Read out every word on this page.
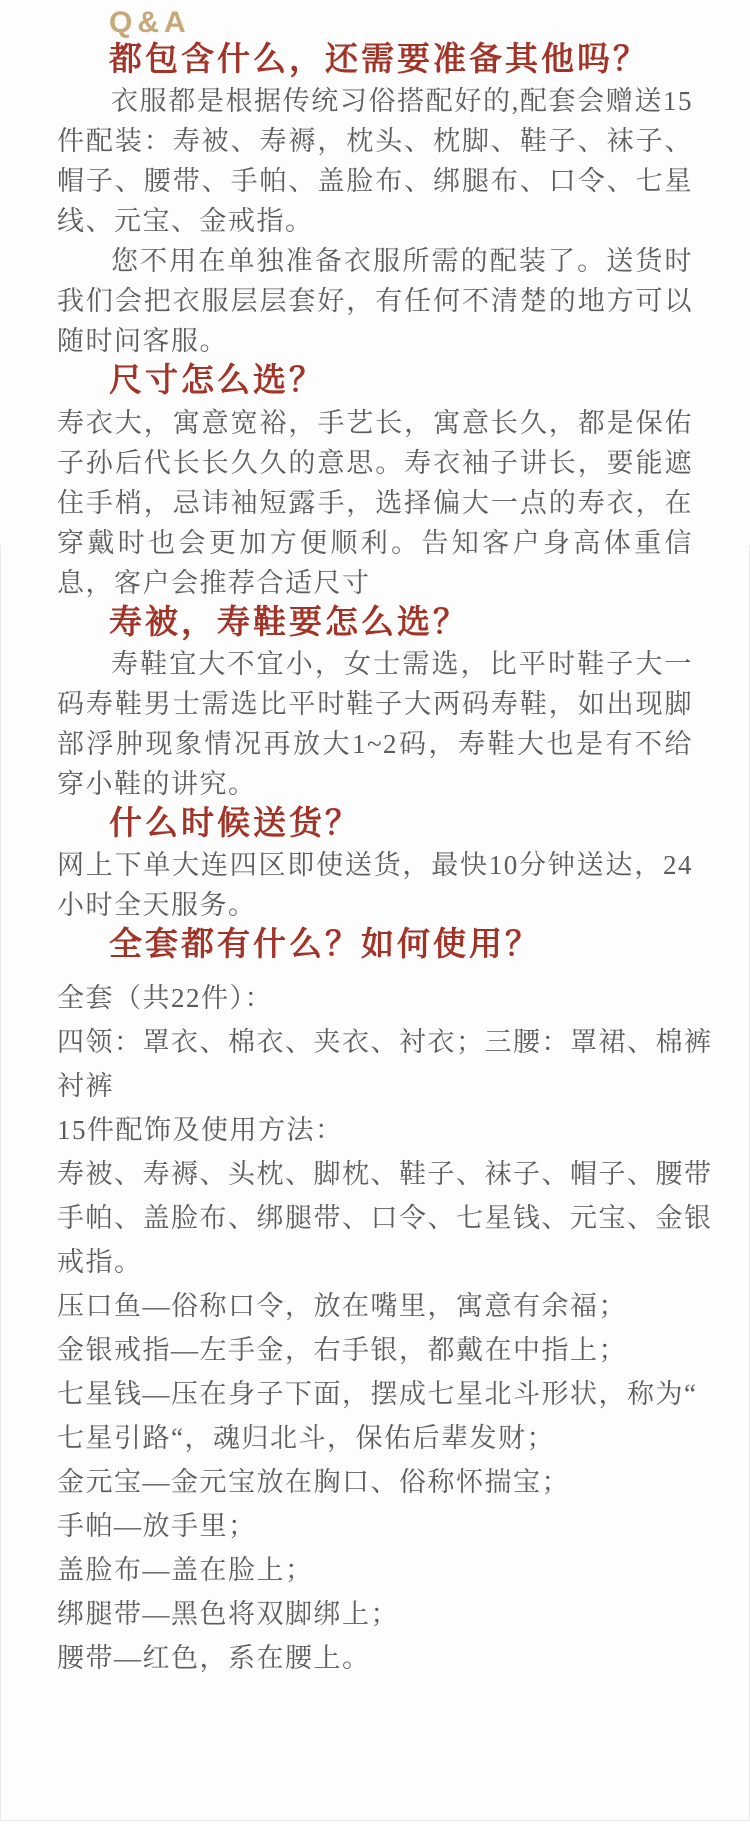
Q&A
都包含什么，还需要准备其他吗？

衣服都是根据传统习俗搭配好的,配套会赠送15件配装：寿被、寿褥，枕头、枕脚、鞋子、袜子、帽子、腰带、手帕、盖脸布、绑腿布、口令、七星线、元宝、金戒指。

您不用在单独准备衣服所需的配装了。送货时我们会把衣服层层套好，有任何不清楚的地方可以随时问客服。

尺寸怎么选？

寿衣大，寓意宽裕，手艺长，寓意长久，都是保佑子孙后代长长久久的意思。寿衣袖子讲长，要能遮住手梢，忌讳袖短露手，选择偏大一点的寿衣，在穿戴时也会更加方便顺利。告知客户身高体重信息，客户会推荐合适尺寸

寿被，寿鞋要怎么选？

寿鞋宜大不宜小，女士需选，比平时鞋子大一码寿鞋男士需选比平时鞋子大两码寿鞋，如出现脚部浮肿现象情况再放大1~2码，寿鞋大也是有不给穿小鞋的讲究。

什么时候送货？

网上下单大连四区即使送货，最快10分钟送达，24小时全天服务。

全套都有什么？如何使用？
全套（共22件）：
四领：罩衣、棉衣、夹衣、衬衣；三腰：罩裙、棉裤
衬裤
15件配饰及使用方法：
寿被、寿褥、头枕、脚枕、鞋子、袜子、帽子、腰带
手帕、盖脸布、绑腿带、口令、七星钱、元宝、金银
戒指。
压口鱼—俗称口令，放在嘴里，寓意有余福；
金银戒指—左手金，右手银，都戴在中指上；
七星钱—压在身子下面，摆成七星北斗形状，称为“
七星引路“，魂归北斗，保佑后辈发财；
金元宝—金元宝放在胸口、俗称怀揣宝；
手帕—放手里；
盖脸布—盖在脸上；
绑腿带—黑色将双脚绑上；
腰带—红色，系在腰上。
